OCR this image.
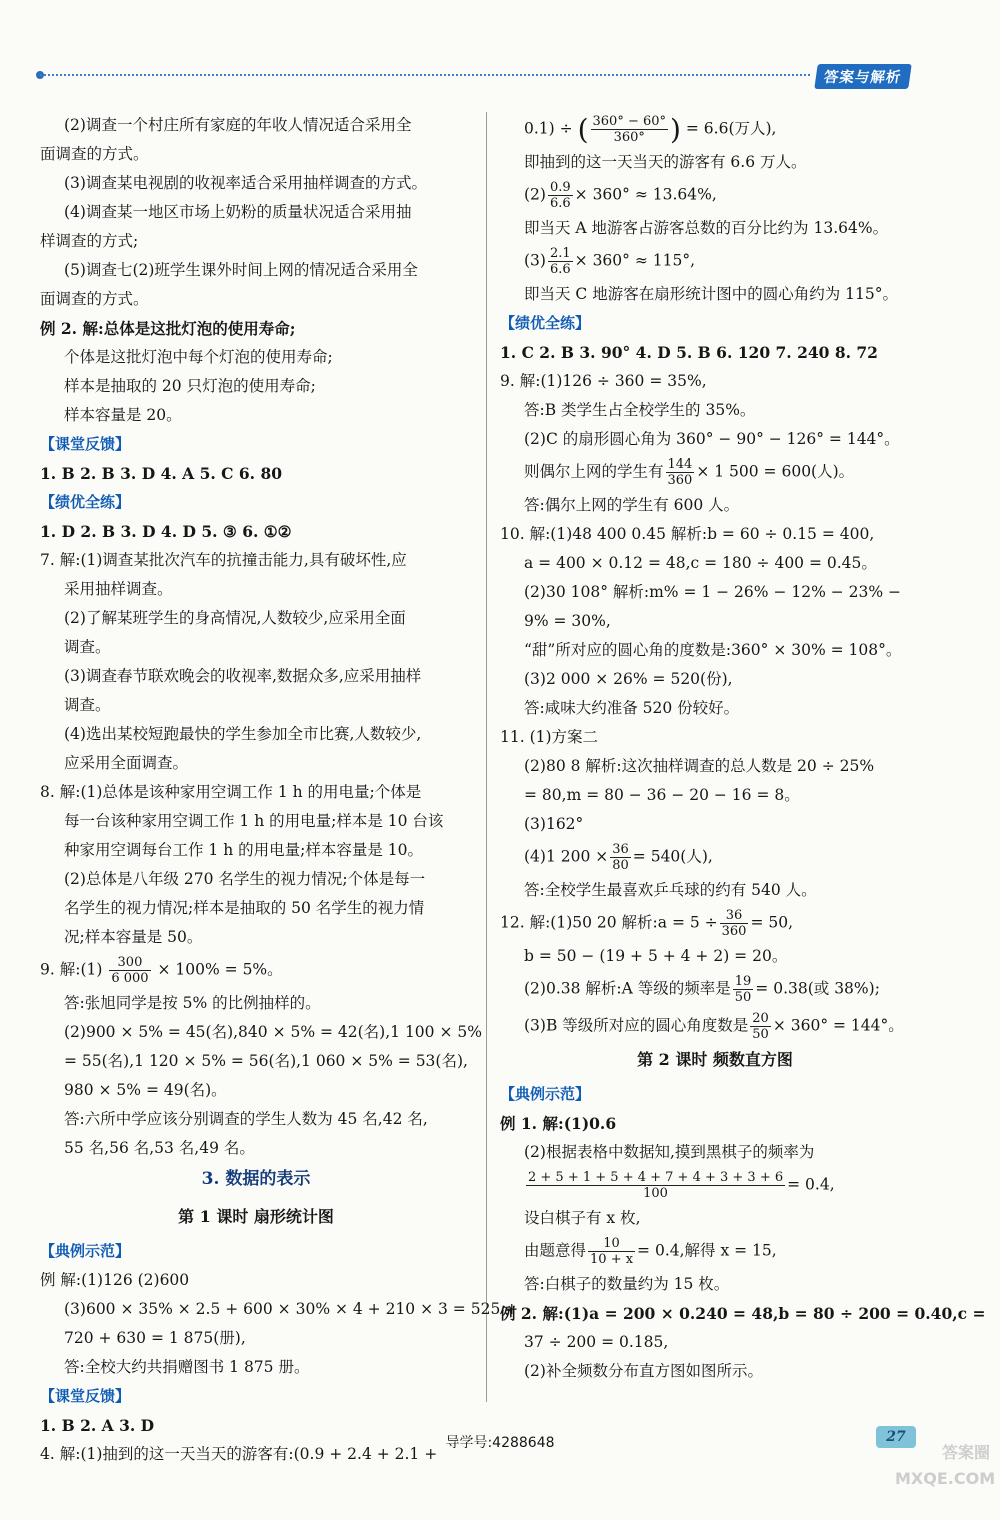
答案与解析
(2)调查一个村庄所有家庭的年收人情况适合采用全
面调查的方式。
(3)调查某电视剧的收视率适合采用抽样调查的方式。
(4)调查某一地区市场上奶粉的质量状况适合采用抽
样调查的方式;
(5)调查七(2)班学生课外时间上网的情况适合采用全
面调查的方式。
例 2. 解:总体是这批灯泡的使用寿命;
个体是这批灯泡中每个灯泡的使用寿命;
样本是抽取的 20 只灯泡的使用寿命;
样本容量是 20。
【课堂反馈】
1. B 2. B 3. D 4. A 5. C 6. 80
【绩优全练】
1. D 2. B 3. D 4. D 5. ③ 6. ①②
7. 解:(1)调查某批次汽车的抗撞击能力,具有破坏性,应
采用抽样调查。
(2)了解某班学生的身高情况,人数较少,应采用全面
调查。
(3)调查春节联欢晚会的收视率,数据众多,应采用抽样
调查。
(4)选出某校短跑最快的学生参加全市比赛,人数较少,
应采用全面调查。
8. 解:(1)总体是该种家用空调工作 1 h 的用电量;个体是
每一台该种家用空调工作 1 h 的用电量;样本是 10 台该
种家用空调每台工作 1 h 的用电量;样本容量是 10。
(2)总体是八年级 270 名学生的视力情况;个体是每一
名学生的视力情况;样本是抽取的 50 名学生的视力情
况;样本容量是 50。
9. 解:(1) $\frac{300}{6 000} \times 100\% = 5\%$。
答:张旭同学是按 5% 的比例抽样的。
(2)900 × 5% = 45(名),840 × 5% = 42(名),1 100 × 5%
= 55(名),1 120 × 5% = 56(名),1 060 × 5% = 53(名),
980 × 5% = 49(名)。
答:六所中学应该分别调查的学生人数为 45 名,42 名,
55 名,56 名,53 名,49 名。
3. 数据的表示
第 1 课时 扇形统计图
【典例示范】
例 解:(1)126 (2)600
(3)600 × 35% × 2.5 + 600 × 30% × 4 + 210 × 3 = 525 +
720 + 630 = 1 875(册),
答:全校大约共捐赠图书 1 875 册。
【课堂反馈】
1. B 2. A 3. D
4. 解:(1)抽到的这一天当天的游客有:(0.9 + 2.4 + 2.1 +
0.1) ÷ ( $\frac{360^\circ - 60^\circ}{360^\circ}$ ) = 6.6(万人),
即抽到的这一天当天的游客有 6.6 万人。
$(2) \frac{0.9}{6.6} \times 360^\circ \approx 13.64\%$,
即当天 A 地游客占游客总数的百分比约为 13.64%。
$(3) \frac{2.1}{6.6} \times 360^\circ \approx 115^\circ$,
即当天 C 地游客在扇形统计图中的圆心角约为 115°。
【绩优全练】
1. C 2. B 3. 90° 4. D 5. B 6. 120 7. 240 8. 72
9. 解:(1)126 ÷ 360 = 35%,
答:B 类学生占全校学生的 35%。
(2)C 的扇形圆心角为 360° − 90° − 126° = 144°。
则偶尔上网的学生有 $\frac{144}{360} \times 1$ 500 = 600(人)。
答:偶尔上网的学生有 600 人。
10. 解:(1)48 400 0.45 解析:b = 60 ÷ 0.15 = 400,
a = 400 × 0.12 = 48,c = 180 ÷ 400 = 0.45。
(2)30 108° 解析:m% = 1 − 26% − 12% − 23% −
9% = 30%,
“甜”所对应的圆心角的度数是:360° × 30% = 108°。
(3)2 000 × 26% = 520(份),
答:咸味大约准备 520 份较好。
11. (1)方案二
(2)80 8 解析:这次抽样调查的总人数是 20 ÷ 25%
= 80,m = 80 − 36 − 20 − 16 = 8。
(3)162°
(4)1 $200 \times \frac{36}{80} = 540$(人),
答:全校学生最喜欢乒乓球的约有 540 人。
12. 解:(1)50 20 解析:a = $5 \div \frac{36}{360} = 50$,
b = 50 − (19 + 5 + 4 + 2) = 20。
(2)0.38 解析:A 等级的频率是 $\frac{19}{50} = 0.38$(或 38%);
(3)B 等级所对应的圆心角度数是 $\frac{20}{50} \times 360^\circ = 144^\circ$。
第 2 课时 频数直方图
【典例示范】
例 1. 解:(1)0.6
(2)根据表格中数据知,摸到黑棋子的频率为
$\frac{2 + 5 + 1 + 5 + 4 + 7 + 4 + 3 + 3 + 6}{100} = 0.4$,
设白棋子有 x 枚,
由题意得 $\frac{10}{10 + x} = 0.4$,解得 x = 15,
答:白棋子的数量约为 15 枚。
例 2. 解:(1)a = 200 × 0.240 = 48,b = 80 ÷ 200 = 0.40,c =
37 ÷ 200 = 0.185,
(2)补全频数分布直方图如图所示。
导学号:4288648	27
答案圈 MXQE.COM
